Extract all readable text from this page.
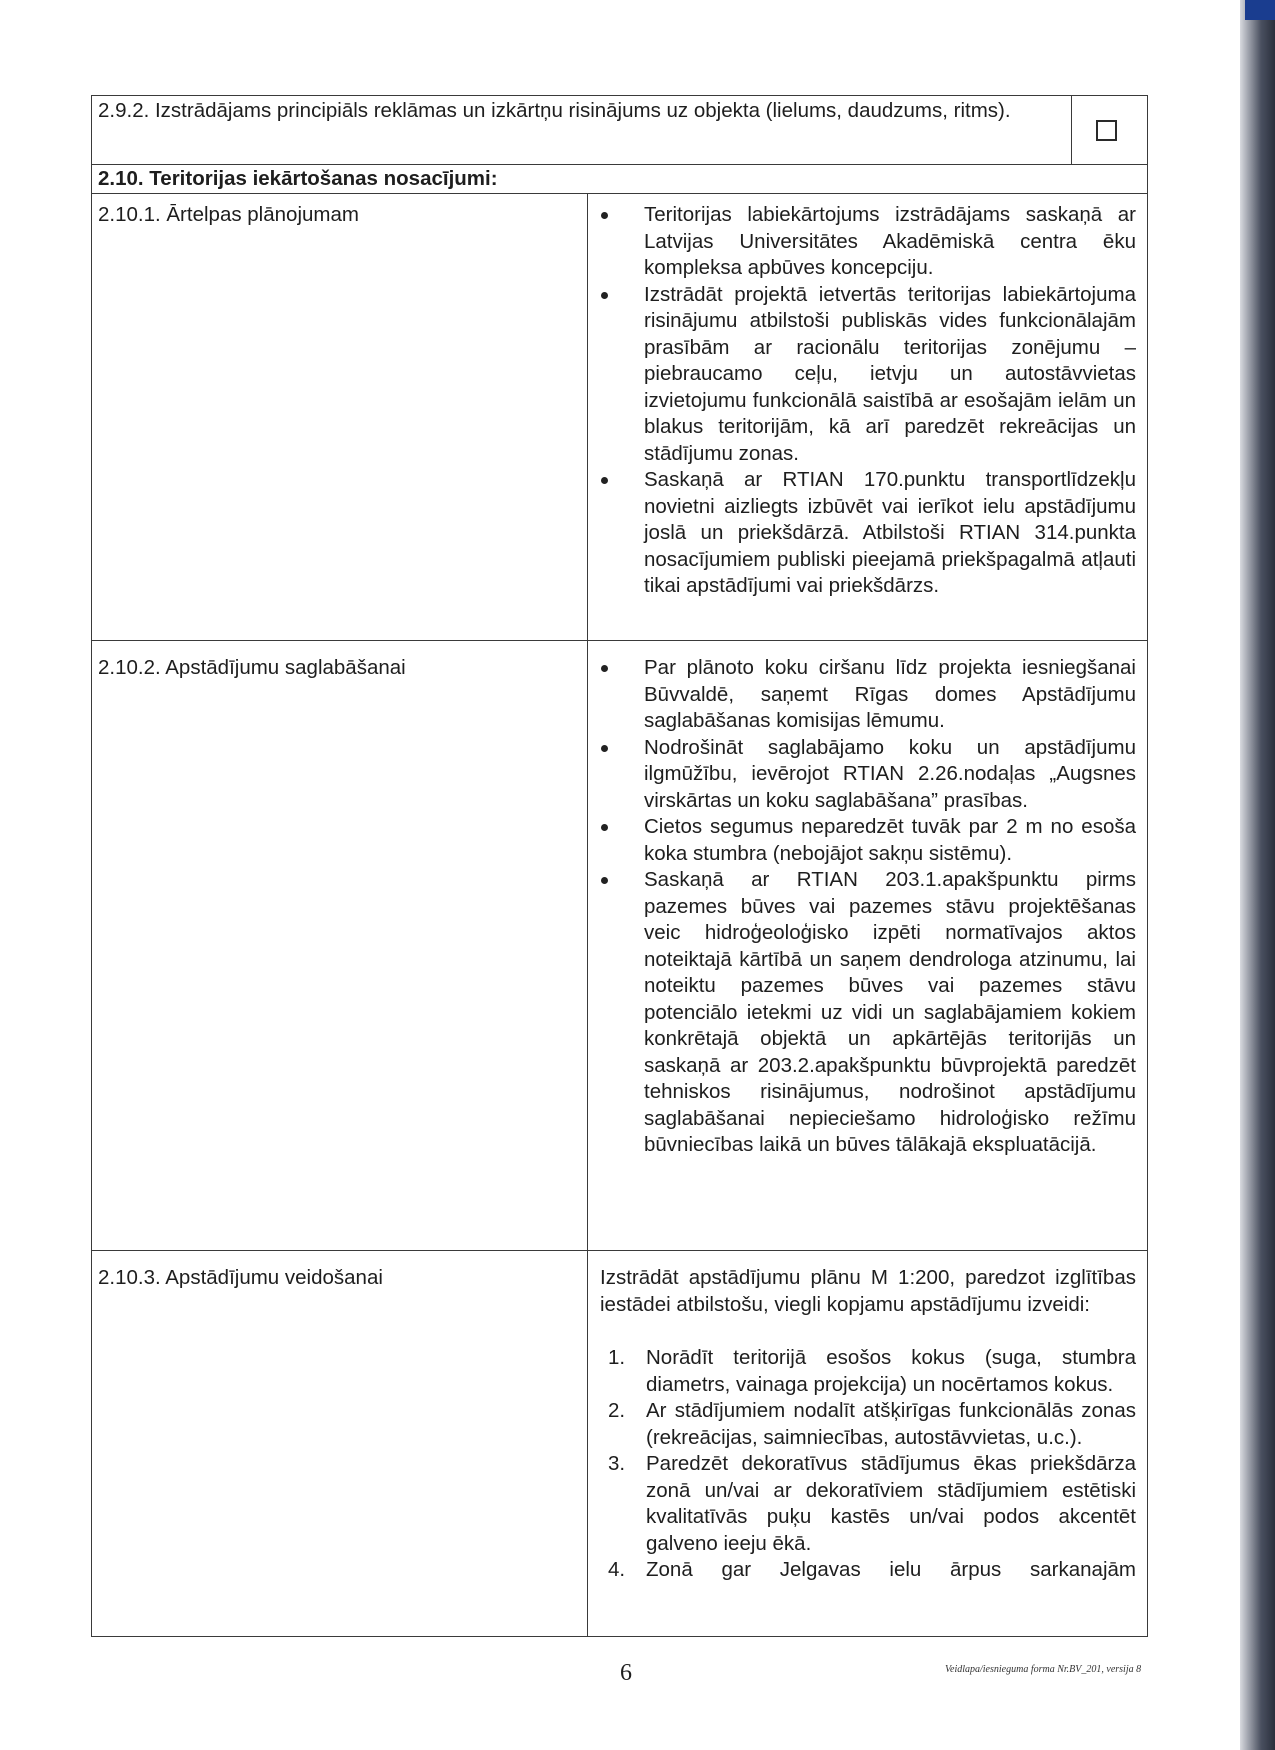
2.9.2. Izstrādājams principiāls reklāmas un izkārtņu risinājums uz objekta (lielums, daudzums, ritms).
2.10. Teritorijas iekārtošanas nosacījumi:
2.10.1. Ārtelpas plānojumam	Teritorijas labiekārtojums izstrādājams saskaņā ar Latvijas Universitātes Akadēmiskā centra ēku kompleksa apbūves koncepciju.
Izstrādāt projektā ietvertās teritorijas labiekārtojuma risinājumu atbilstoši publiskās vides funkcionālajām prasībām ar racionālu teritorijas zonējumu – piebraucamo ceļu, ietvju un autostāvvietas izvietojumu funkcionālā saistībā ar esošajām ielām un blakus teritorijām, kā arī paredzēt rekreācijas un stādījumu zonas.
Saskaņā ar RTIAN 170.punktu transportlīdzekļu novietni aizliegts izbūvēt vai ierīkot ielu apstādījumu joslā un priekšdārzā. Atbilstoši RTIAN 314.punkta nosacījumiem publiski pieejamā priekšpagalmā atļauti tikai apstādījumi vai priekšdārzs.
2.10.2. Apstādījumu saglabāšanai	Par plānoto koku ciršanu līdz projekta iesniegšanai Būvvaldē, saņemt Rīgas domes Apstādījumu saglabāšanas komisijas lēmumu.
Nodrošināt saglabājamo koku un apstādījumu ilgmūžību, ievērojot RTIAN 2.26.nodaļas „Augsnes virskārtas un koku saglabāšana” prasības.
Cietos segumus neparedzēt tuvāk par 2 m no esoša koka stumbra (nebojājot sakņu sistēmu).
Saskaņā ar RTIAN 203.1.apakšpunktu pirms pazemes būves vai pazemes stāvu projektēšanas veic hidroģeoloģisko izpēti normatīvajos aktos noteiktajā kārtībā un saņem dendrologa atzinumu, lai noteiktu pazemes būves vai pazemes stāvu potenciālo ietekmi uz vidi un saglabājamiem kokiem konkrētajā objektā un apkārtējās teritorijās un saskaņā ar 203.2.apakšpunktu būvprojektā paredzēt tehniskos risinājumus, nodrošinot apstādījumu saglabāšanai nepieciešamo hidroloģisko režīmu būvniecības laikā un būves tālākajā ekspluatācijā.
2.10.3. Apstādījumu veidošanai	Izstrādāt apstādījumu plānu M 1:200, paredzot izglītības iestādei atbilstošu, viegli kopjamu apstādījumu izveidi:
1. Norādīt teritorijā esošos kokus (suga, stumbra diametrs, vainaga projekcija) un nocērtamos kokus.
2. Ar stādījumiem nodalīt atšķirīgas funkcionālās zonas (rekreācijas, saimniecības, autostāvvietas, u.c.).
3. Paredzēt dekoratīvus stādījumus ēkas priekšdārza zonā un/vai ar dekoratīviem stādījumiem estētiski kvalitatīvās puķu kastēs un/vai podos akcentēt galveno ieeju ēkā.
4. Zonā gar Jelgavas ielu ārpus sarkanajām
6	Veidlapa/iesnieguma forma Nr.BV_201, versija 8
